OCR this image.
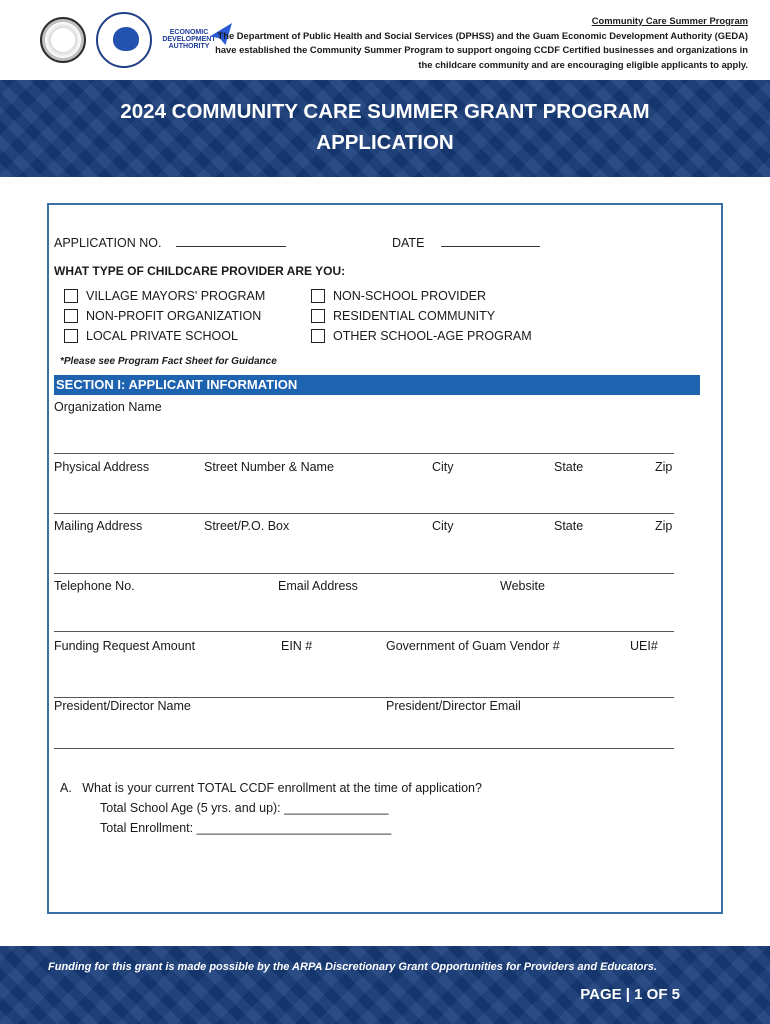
ECONOMIC
DEVELOPMENT
AUTHORITY
Community Care Summer Program
The Department of Public Health and Social Services (DPHSS) and the Guam Economic Development Authority (GEDA)
have established the Community Summer Program to support ongoing CCDF Certified businesses and organizations in
the childcare community and are encouraging eligible applicants to apply.
2024 COMMUNITY CARE SUMMER GRANT PROGRAM
APPLICATION
APPLICATION NO.	DATE
WHAT TYPE OF CHILDCARE PROVIDER ARE YOU:
VILLAGE MAYORS' PROGRAM
NON-PROFIT ORGANIZATION
LOCAL PRIVATE SCHOOL
NON-SCHOOL PROVIDER
RESIDENTIAL COMMUNITY
OTHER SCHOOL-AGE PROGRAM
*Please see Program Fact Sheet for Guidance
SECTION I: APPLICANT INFORMATION
Organization Name
Physical Address	Street Number & Name	City	State	Zip
Mailing Address	Street/P.O. Box	City	State	Zip
Telephone No.	Email Address	Website
Funding Request Amount	EIN #	Government of Guam Vendor #	UEI#
President/Director Name	President/Director Email
A.   What is your current TOTAL CCDF enrollment at the time of application?
Total School Age (5 yrs. and up): _______________
Total Enrollment: ____________________________
Funding for this grant is made possible by the ARPA Discretionary Grant Opportunities for Providers and Educators.
PAGE | 1 OF 5
